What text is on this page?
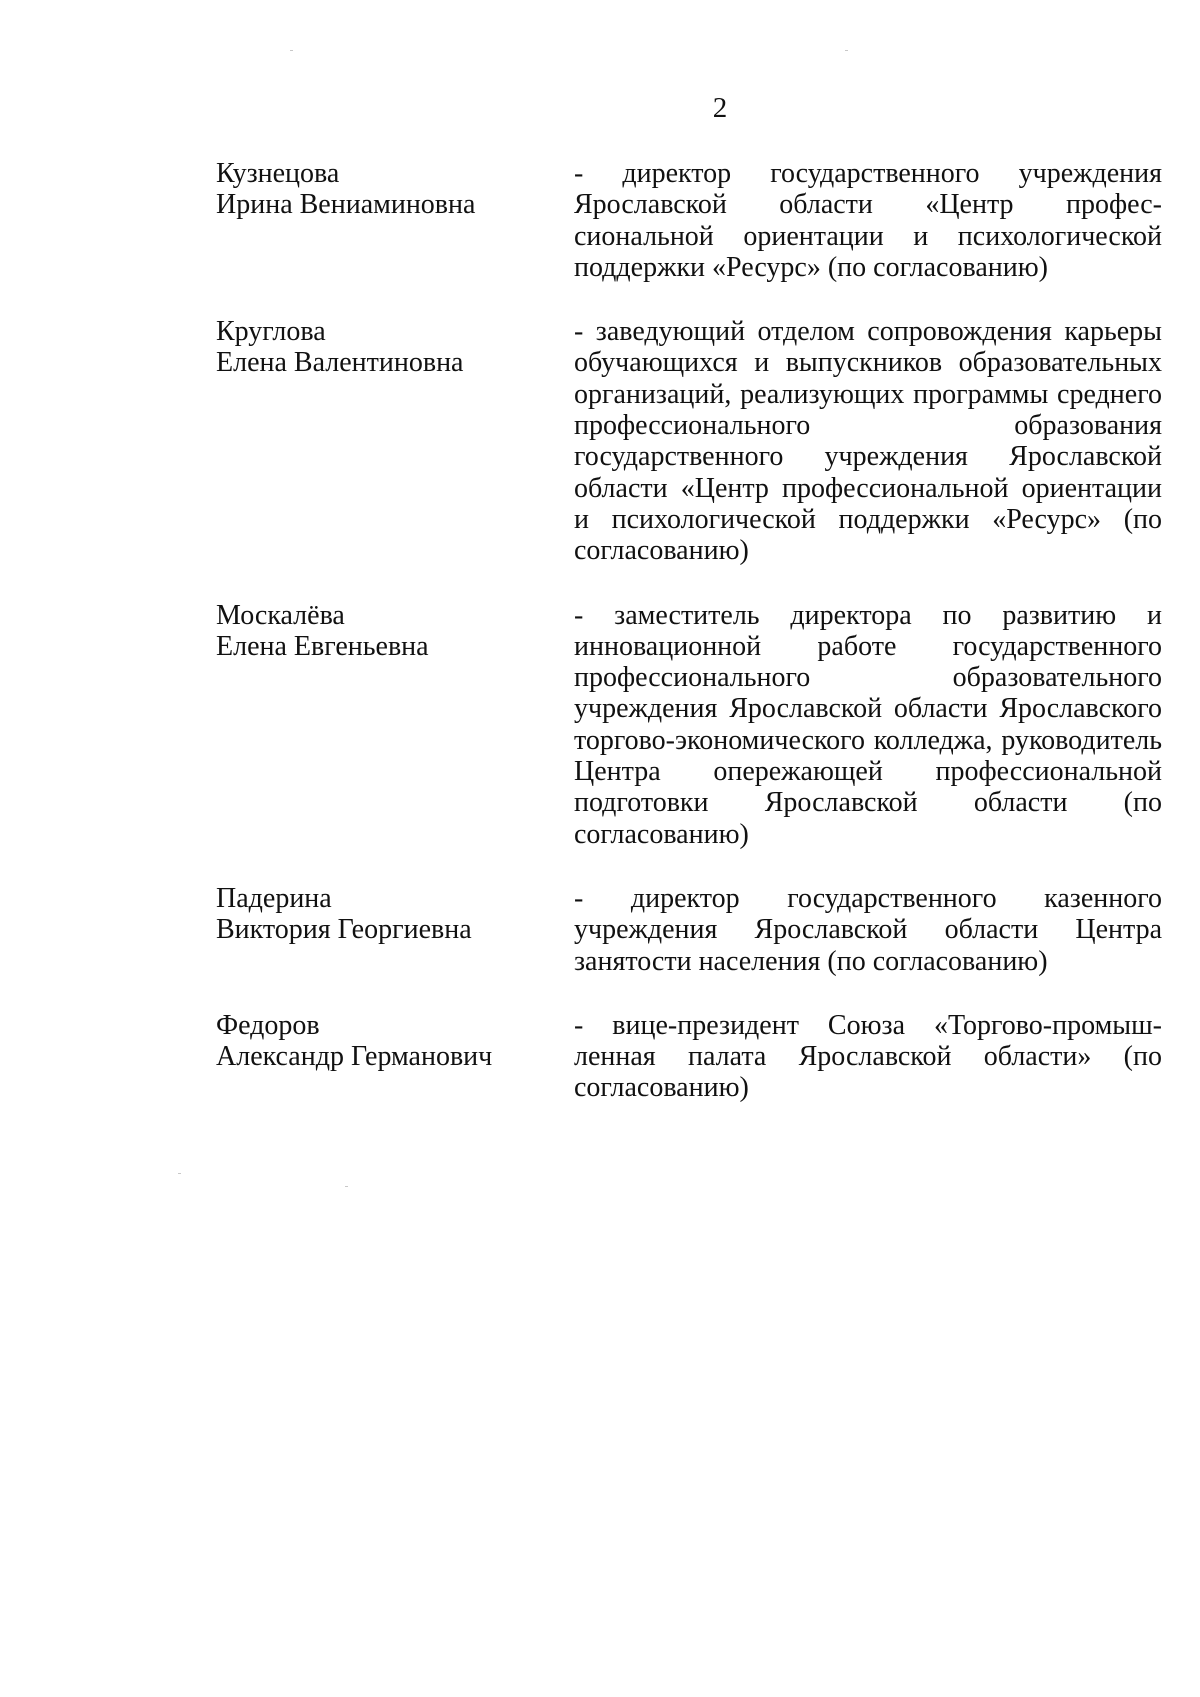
2
Кузнецова
Ирина Вениаминовна
- директор государственного учреждения Ярославской области «Центр профес-сиональной ориентации и психологической поддержки «Ресурс» (по согласованию)
Круглова
Елена Валентиновна
- заведующий отделом сопровождения карьеры обучающихся и выпускников образовательных организаций, реализующих программы среднего профессионального образования государственного учреждения Ярославской области «Центр профессиональной ориентации и психологической поддержки «Ресурс» (по согласованию)
Москалёва
Елена Евгеньевна
- заместитель директора по развитию и инновационной работе государственного профессионального образовательного учреждения Ярославской области Ярославского торгово-экономического колледжа, руководитель Центра опережающей профессиональной подготовки Ярославской области (по согласованию)
Падерина
Виктория Георгиевна
- директор государственного казенного учреждения Ярославской области Центра занятости населения (по согласованию)
Федоров
Александр Германович
- вице-президент Союза «Торгово-промыш-ленная палата Ярославской области» (по согласованию)
